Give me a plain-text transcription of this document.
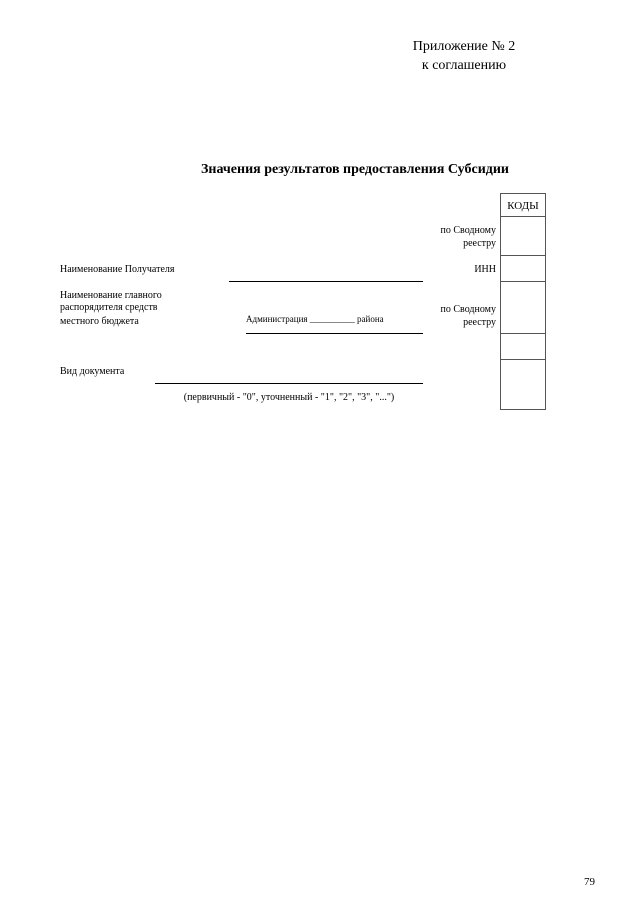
Приложение № 2
к соглашению
Значения результатов предоставления Субсидии
КОДЫ
по Сводному
реестру
ИНН
по Сводному
реестру
Наименование Получателя
Наименование главного
распорядителя средств
местного бюджета	Администрация __________ района
Вид документа
(первичный - "0", уточненный - "1", "2", "3", "...")
79
